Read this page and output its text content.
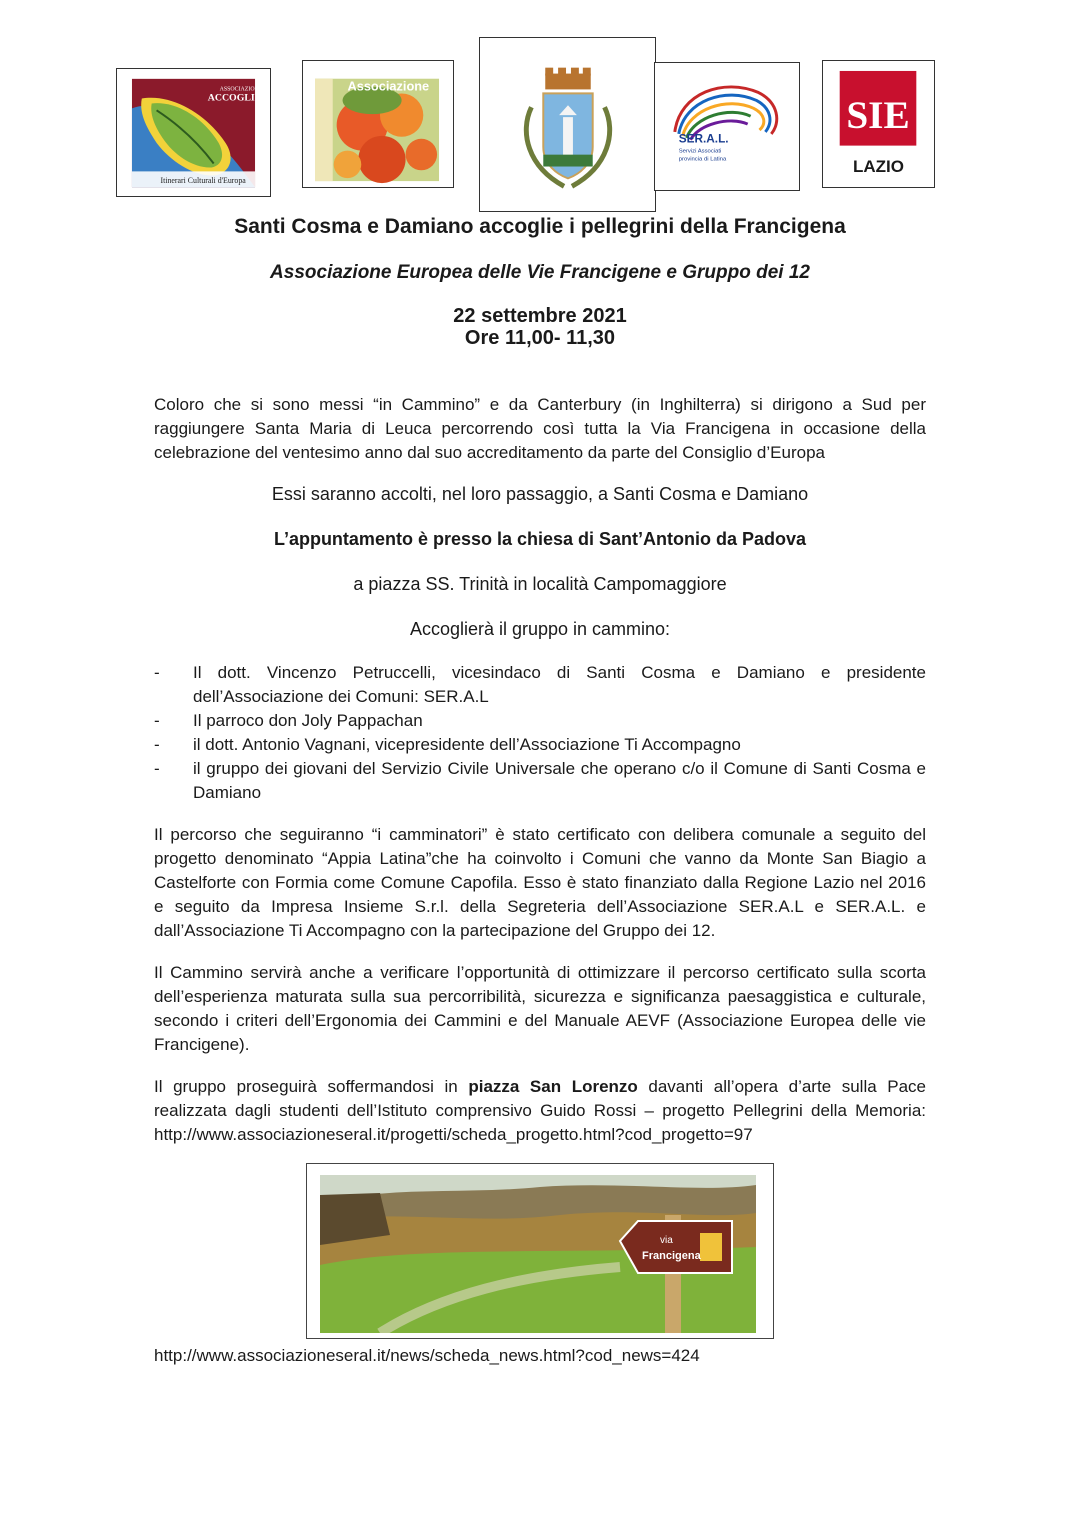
ASSOCIAZIONE
ACCOGLI
Itinerari Culturali d'Europa
Associazione
SER.A.L.
Servizi Associati
provincia di Latina
SIE
LAZIO
Santi Cosma e Damiano accoglie i pellegrini della Francigena
Associazione Europea delle Vie Francigene e Gruppo dei 12
22 settembre 2021
Ore 11,00- 11,30
Coloro che si sono messi “in Cammino” e da Canterbury (in Inghilterra) si dirigono a Sud per raggiungere Santa Maria di Leuca percorrendo così tutta la Via Francigena in occasione della celebrazione del ventesimo anno dal suo accreditamento da parte del Consiglio d’Europa
Essi saranno accolti, nel loro passaggio, a Santi Cosma e Damiano
L’appuntamento è presso la chiesa di Sant’Antonio da Padova
a piazza SS. Trinità in località Campomaggiore
Accoglierà il gruppo in cammino:
- Il dott. Vincenzo Petruccelli, vicesindaco di Santi Cosma e Damiano e presidente dell’Associazione dei Comuni: SER.A.L
- Il parroco don Joly Pappachan
- il dott. Antonio Vagnani, vicepresidente dell’Associazione Ti Accompagno
- il gruppo dei giovani del Servizio Civile Universale che operano c/o il Comune di Santi Cosma e Damiano
Il percorso che seguiranno “i camminatori” è stato certificato con delibera comunale a seguito del progetto denominato “Appia Latina”che ha coinvolto i Comuni che vanno da Monte San Biagio a Castelforte con Formia come Comune Capofila. Esso è stato finanziato dalla Regione Lazio nel 2016 e seguito da Impresa Insieme S.r.l. della Segreteria dell’Associazione SER.A.L e SER.A.L. e dall’Associazione Ti Accompagno con la partecipazione del Gruppo dei 12.
Il Cammino servirà anche a verificare l’opportunità di ottimizzare il percorso certificato sulla scorta dell’esperienza maturata sulla sua percorribilità, sicurezza e significanza paesaggistica e culturale, secondo i criteri dell’Ergonomia dei Cammini e del Manuale AEVF (Associazione Europea delle vie Francigene).
Il gruppo proseguirà soffermandosi in piazza San Lorenzo davanti all’opera d’arte sulla Pace realizzata dagli studenti dell’Istituto comprensivo Guido Rossi – progetto Pellegrini della Memoria: http://www.associazioneseral.it/progetti/scheda_progetto.html?cod_progetto=97
via
Francigena
http://www.associazioneseral.it/news/scheda_news.html?cod_news=424
